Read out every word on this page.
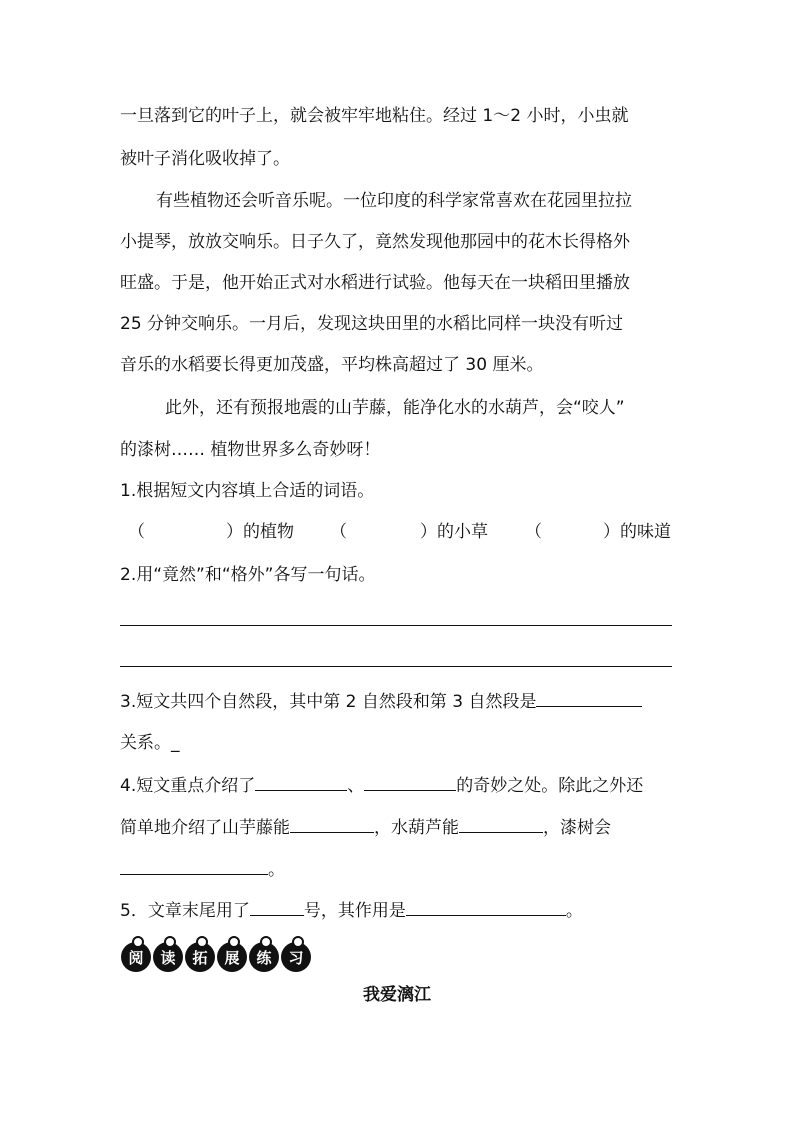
一旦落到它的叶子上，就会被牢牢地粘住。经过 1～2 小时，小虫就
被叶子消化吸收掉了。
有些植物还会听音乐呢。一位印度的科学家常喜欢在花园里拉拉
小提琴，放放交响乐。日子久了，竟然发现他那园中的花木长得格外
旺盛。于是，他开始正式对水稻进行试验。他每天在一块稻田里播放
25 分钟交响乐。一月后，发现这块田里的水稻比同样一块没有听过
音乐的水稻要长得更加茂盛，平均株高超过了 30 厘米。
此外，还有预报地震的山芋藤，能净化水的水葫芦，会“咬人”
的漆树…… 植物世界多么奇妙呀！
1.根据短文内容填上合适的词语。
（	）的植物 （	）的小草 （	）的味道
2.用“竟然”和“格外”各写一句话。
3.短文共四个自然段，其中第 2 自然段和第 3 自然段是
关系。_
4.短文重点介绍了	、	的奇妙之处。除此之外还
简单地介绍了山芋藤能	，水葫芦能	，漆树会
。
5．文章末尾用了	号，其作用是	。
阅	读	拓	展	练	习
我爱漓江
